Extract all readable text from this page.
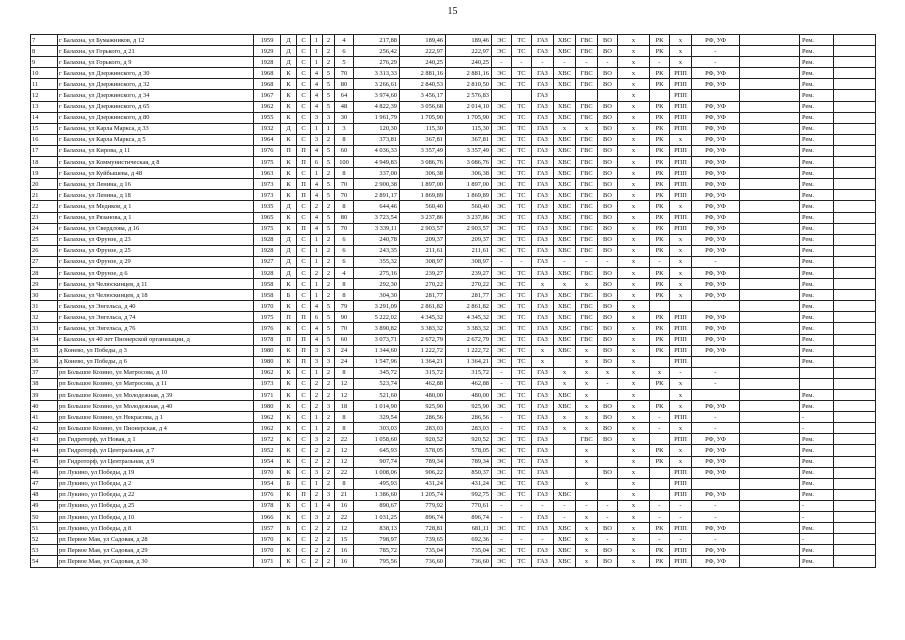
15
7	г Балахна, ул Бумажников, д 12	1959	Д	С	1	2	4	217,88	189,46	189,46	ЭС	ТС	ГАЗ	ХВС	ГВС	ВО	х	РК	х	РФ, УФ		Рем.	
8	г Балахна, ул Горького, д 21	1929	Д	С	1	2	6	256,42	222,97	222,97	ЭС	ТС	ГАЗ	ХВС	ГВС	ВО	х	РК	х	-		Рем.	
9	г Балахна, ул Горького, д 9	1928	Д	С	1	2	5	276,29	240,25	240,25	-	-	-	-	-	-	х	-	х	-		Рем.	
10	г Балахна, ул Дзержинского, д 30	1968	К	С	4	5	70	3 313,33	2 881,16	2 881,16	ЭС	ТС	ГАЗ	ХВС	ГВС	ВО	х	РК	РПП	РФ, УФ		Рем.	
11	г Балахна, ул Дзержинского, д 32	1968	К	С	4	5	80	3 266,61	2 840,53	2 810,50	ЭС	ТС	ГАЗ	ХВС	ГВС	ВО	х	РК	РПП	РФ, УФ		Рем.	
12	г Балахна, ул Дзержинского, д 34	1967	К	С	4	5	64	3 974,60	3 456,17	2 576,83			ГАЗ				х		РПП			Рем.	
13	г Балахна, ул Дзержинского, д 65	1962	К	С	4	5	48	4 822,39	3 056,68	2 014,10	ЭС	ТС	ГАЗ	ХВС	ГВС	ВО	х	РК	РПП	РФ, УФ		Рем.	
14	г Балахна, ул Дзержинского, д 80	1955	К	С	3	3	30	1 961,79	1 705,90	1 705,90	ЭС	ТС	ГАЗ	ХВС	ГВС	ВО	х	РК	РПП	РФ, УФ		Рем.	
15	г Балахна, ул Карла Маркса, д 33	1932	Д	С	1	1	3	120,30	115,30	115,30	ЭС	ТС	ГАЗ	х	х	ВО	х	РК	РПП	РФ, УФ		Рем.	
16	г Балахна, ул Карла Маркса, д 5	1964	К	С	3	2	8	373,81	367,81	367,81	ЭС	ТС	ГАЗ	ХВС	ГВС	ВО	х	РК	х	РФ, УФ		Рем.	
17	г Балахна, ул Кирова, д 11	1976	П	П	4	5	60	4 036,33	3 357,49	3 357,49	ЭС	ТС	ГАЗ	ХВС	ГВС	ВО	х	РК	РПП	РФ, УФ		Рем.	
18	г Балахна, ул Коммунистическая, д 8	1975	К	П	6	5	100	4 949,83	3 086,76	3 086,76	ЭС	ТС	ГАЗ	ХВС	ГВС	ВО	х	РК	РПП	РФ, УФ		Рем.	
19	г Балахна, ул Куйбышева, д 48	1963	К	С	1	2	8	337,00	306,38	306,38	ЭС	ТС	ГАЗ	ХВС	ГВС	ВО	х	РК	РПП	РФ, УФ		Рем.	
20	г Балахна, ул Ленина, д 16	1973	К	П	4	5	70	2 900,38	1 897,00	1 897,00	ЭС	ТС	ГАЗ	ХВС	ГВС	ВО	х	РК	РПП	РФ, УФ		Рем.	
21	г Балахна, ул Ленина, д 18	1973	К	П	4	5	70	2 891,17	1 869,89	1 869,89	ЭС	ТС	ГАЗ	ХВС	ГВС	ВО	х	РК	РПП	РФ, УФ		Рем.	
22	г Балахна, ул Медиков, д 1	1935	Д	С	2	2	8	644,46	560,40	560,40	ЭС	ТС	ГАЗ	ХВС	ГВС	ВО	х	РК	х	РФ, УФ		Рем.	
23	г Балахна, ул Рязанова, д 1	1965	К	С	4	5	80	3 723,54	3 237,86	3 237,86	ЭС	ТС	ГАЗ	ХВС	ГВС	ВО	х	РК	РПП	РФ, УФ		Рем.	
24	г Балахна, ул Свердлова, д 16	1975	К	П	4	5	70	3 339,11	2 903,57	2 903,57	ЭС	ТС	ГАЗ	ХВС	ГВС	ВО	х	РК	РПП	РФ, УФ		Рем.	
25	г Балахна, ул Фрунзе, д 23	1928	Д	С	1	2	6	240,78	209,37	209,37	ЭС	ТС	ГАЗ	ХВС	ГВС	ВО	х	РК	х	РФ, УФ		Рем.	
26	г Балахна, ул Фрунзе, д 25	1928	Д	С	1	2	6	243,35	211,61	211,61	ЭС	ТС	ГАЗ	ХВС	ГВС	ВО	х	РК	х	РФ, УФ		Рем.	
27	г Балахна, ул Фрунзе, д 29	1927	Д	С	1	2	6	355,32	308,97	308,97	-	-	ГАЗ	-	-	-	х	-	х	-		Рем.	
28	г Балахна, ул Фрунзе, д 6	1928	Д	С	2	2	4	275,16	239,27	239,27	ЭС	ТС	ГАЗ	ХВС	ГВС	ВО	х	РК	х	РФ, УФ		Рем.	
29	г Балахна, ул Челюскинцев, д 11	1958	К	С	1	2	8	292,30	270,22	270,22	ЭС	ТС	х	х	х	ВО	х	РК	х	РФ, УФ		Рем.	
30	г Балахна, ул Челюскинцев, д 18	1958	Б	С	1	2	8	304,30	281,77	281,77	ЭС	ТС	ГАЗ	ХВС	ГВС	ВО	х	РК	х	РФ, УФ		Рем.	
31	г Балахна, ул Энгельса, д 40	1970	К	С	4	5	79	3 291,09	2 861,82	2 861,82	ЭС	ТС	ГАЗ	ХВС	ГВС	ВО	х					Рем.	
32	г Балахна, ул Энгельса, д 74	1975	П	П	6	5	90	5 222,02	4 345,32	4 345,32	ЭС	ТС	ГАЗ	ХВС	ГВС	ВО	х	РК	РПП	РФ, УФ		Рем.	
33	г Балахна, ул Энгельса, д 76	1976	К	С	4	5	70	3 890,82	3 383,32	3 383,32	ЭС	ТС	ГАЗ	ХВС	ГВС	ВО	х	РК	РПП	РФ, УФ		Рем.	
34	г Балахна, ул 40 лет Пионерской организации, д	1978	П	П	4	5	60	3 073,71	2 672,79	2 672,79	ЭС	ТС	ГАЗ	ХВС	ГВС	ВО	х	РК	РПП	РФ, УФ		Рем.	
35	д Конево, ул Победы, д 3	1980	К	П	3	3	24	1 344,60	1 222,72	1 222,72	ЭС	ТС	х	ХВС	х	ВО	х	РК	РПП	РФ, УФ		Рем.	
36	д Конево, ул Победы, д 6	1980	К	П	3	3	24	1 547,96	1 364,21	1 364,21	ЭС	ТС	х		х	ВО	х		РПП			Рем.	
37	рп Большое Козино, ул Матросова, д 10	1962	К	С	1	2	8	345,72	315,72	315,72	-	ТС	ГАЗ	х	х	х	х	х	-	-			
38	рп Большое Козино, ул Матросова, д 11	1973	К	С	2	2	12	523,74	462,88	462,88	-	ТС	ГАЗ	х	х	-	х	РК	х	-			
39	рп Большое Козино, ул Молодежная, д 39	1971	К	С	2	2	12	521,60	480,00	480,00	ЭС	ТС	ГАЗ	ХВС	х		х		х			Рем.	
40	рп Большое Козино, ул Молодежная, д 40	1980	К	С	2	3	18	1 014,90	925,90	925,90	ЭС	ТС	ГАЗ	ХВС	х	ВО	х	РК	х	РФ, УФ		Рем.	
41	рп Большое Козино, ул Некрасова, д 1	1962	К	С	1	2	8	329,54	286,56	286,56	-	ТС	ГАЗ	х	х	ВО	х	-	РПП	-		-	
42	рп Большое Козино, ул Пионерская, д 4	1962	К	С	1	2	8	303,03	283,03	283,03	-	ТС	ГАЗ	х	х	ВО	х	-	х	-		-	
43	рп Гидроторф, ул Новая, д 1	1972	К	С	3	2	22	1 058,60	920,52	920,52	ЭС	ТС	ГАЗ		ГВС	ВО	х		РПП	РФ, УФ		Рем.	
44	рп Гидроторф, ул Центральная, д 7	1952	К	С	2	2	12	645,93	578,05	578,05	ЭС	ТС	ГАЗ		х		х	РК	х	РФ, УФ		Рем.	
45	рп Гидроторф, ул Центральная, д 9	1954	К	С	2	2	12	907,74	789,34	789,34	ЭС	ТС	ГАЗ		х		х	РК	х	РФ, УФ		Рем.	
46	рп Лукино, ул Победы, д 19	1970	К	С	3	2	22	1 008,06	906,22	850,37	ЭС	ТС	ГАЗ			ВО	х		РПП	РФ, УФ		Рем.	
47	рп Лукино, ул Победы, д 2	1954	Б	С	1	2	8	495,93	431,24	431,24	ЭС	ТС	ГАЗ		х		х		РПП			Рем.	
48	рп Лукино, ул Победы, д 22	1976	К	П	2	3	21	1 386,60	1 205,74	992,75	ЭС	ТС	ГАЗ	ХВС			х		РПП	РФ, УФ		Рем.	
49	рп Лукино, ул Победы, д 25	1978	К	С	1	4	16	890,67	779,92	770,61	-	-	-	-	-	-	х	-	-	-		-	
50	рп Лукино, ул Победы, д 10	1966	К	С	3	2	22	1 031,25	896,74	896,74	-	-	ГАЗ	-	х	-	х	-	-	-		-	
51	рп Лукино, ул Победы, д 8	1957	Б	С	2	2	12	838,13	728,81	681,11	ЭС	ТС	ГАЗ	ХВС	х	ВО	х	РК	РПП	РФ, УФ		Рем.	
52	рп Первое Мая, ул Садовая, д 28	1970	К	С	2	2	15	798,97	739,65	692,36	-	-	-	ХВС	х	-	х	-	-	-		-	
53	рп Первое Мая, ул Садовая, д 29	1970	К	С	2	2	16	785,72	735,04	735,04	ЭС	ТС	ГАЗ	ХВС	х	ВО	х	РК	РПП	РФ, УФ		Рем.	
54	рп Первое Мая, ул Садовая, д 30	1971	К	С	2	2	16	795,56	736,60	736,60	ЭС	ТС	ГАЗ	ХВС	х	ВО	х	РК	РПП	РФ, УФ		Рем.	
